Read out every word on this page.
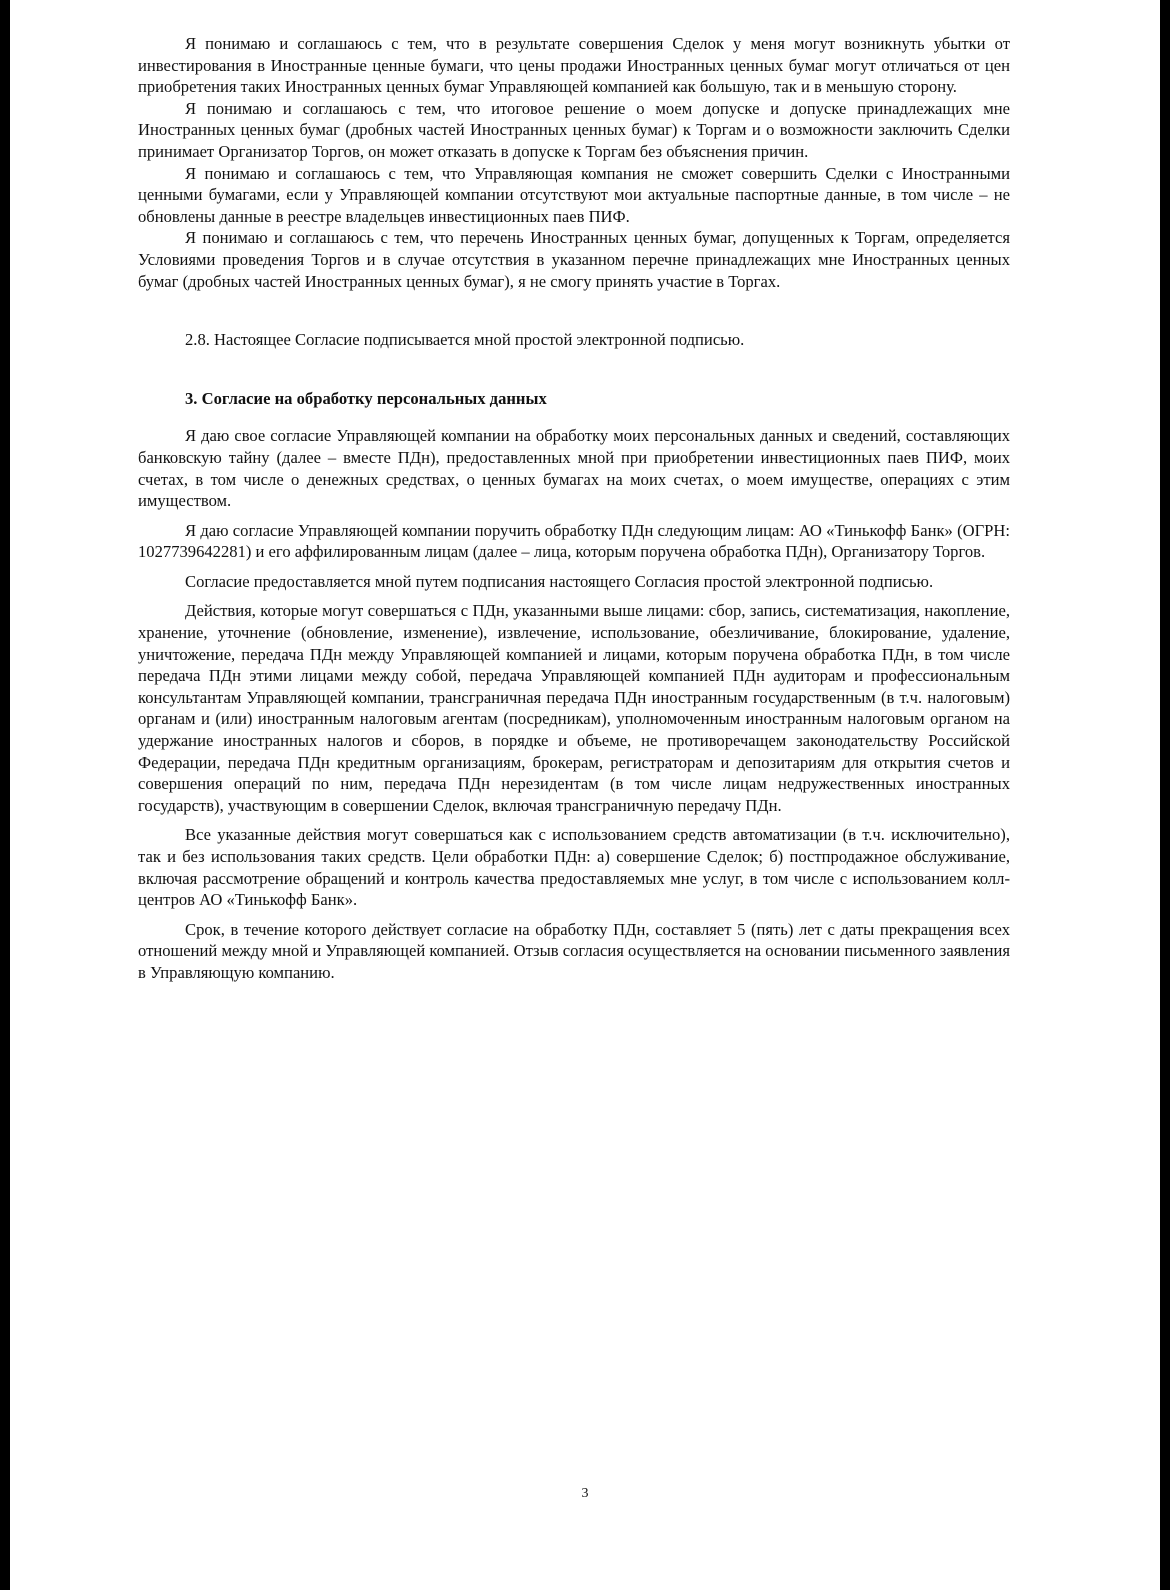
Я понимаю и соглашаюсь с тем, что в результате совершения Сделок у меня могут возникнуть убытки от инвестирования в Иностранные ценные бумаги, что цены продажи Иностранных ценных бумаг могут отличаться от цен приобретения таких Иностранных ценных бумаг Управляющей компанией как большую, так и в меньшую сторону.

Я понимаю и соглашаюсь с тем, что итоговое решение о моем допуске и допуске принадлежащих мне Иностранных ценных бумаг (дробных частей Иностранных ценных бумаг) к Торгам и о возможности заключить Сделки принимает Организатор Торгов, он может отказать в допуске к Торгам без объяснения причин.

Я понимаю и соглашаюсь с тем, что Управляющая компания не сможет совершить Сделки с Иностранными ценными бумагами, если у Управляющей компании отсутствуют мои актуальные паспортные данные, в том числе – не обновлены данные в реестре владельцев инвестиционных паев ПИФ.

Я понимаю и соглашаюсь с тем, что перечень Иностранных ценных бумаг, допущенных к Торгам, определяется Условиями проведения Торгов и в случае отсутствия в указанном перечне принадлежащих мне Иностранных ценных бумаг (дробных частей Иностранных ценных бумаг), я не смогу принять участие в Торгах.

2.8. Настоящее Согласие подписывается мной простой электронной подписью.
3. Согласие на обработку персональных данных

Я даю свое согласие Управляющей компании на обработку моих персональных данных и сведений, составляющих банковскую тайну (далее – вместе ПДн), предоставленных мной при приобретении инвестиционных паев ПИФ, моих счетах, в том числе о денежных средствах, о ценных бумагах на моих счетах, о моем имуществе, операциях с этим имуществом.

Я даю согласие Управляющей компании поручить обработку ПДн следующим лицам: АО «Тинькофф Банк» (ОГРН: 1027739642281) и его аффилированным лицам (далее – лица, которым поручена обработка ПДн), Организатору Торгов.

Согласие предоставляется мной путем подписания настоящего Согласия простой электронной подписью.

Действия, которые могут совершаться с ПДн, указанными выше лицами: сбор, запись, систематизация, накопление, хранение, уточнение (обновление, изменение), извлечение, использование, обезличивание, блокирование, удаление, уничтожение, передача ПДн между Управляющей компанией и лицами, которым поручена обработка ПДн, в том числе передача ПДн этими лицами между собой, передача Управляющей компанией ПДн аудиторам и профессиональным консультантам Управляющей компании, трансграничная передача ПДн иностранным государственным (в т.ч. налоговым) органам и (или) иностранным налоговым агентам (посредникам), уполномоченным иностранным налоговым органом на удержание иностранных налогов и сборов, в порядке и объеме, не противоречащем законодательству Российской Федерации, передача ПДн кредитным организациям, брокерам, регистраторам и депозитариям для открытия счетов и совершения операций по ним, передача ПДн нерезидентам (в том числе лицам недружественных иностранных государств), участвующим в совершении Сделок, включая трансграничную передачу ПДн.

Все указанные действия могут совершаться как с использованием средств автоматизации (в т.ч. исключительно), так и без использования таких средств. Цели обработки ПДн: а) совершение Сделок; б) постпродажное обслуживание, включая рассмотрение обращений и контроль качества предоставляемых мне услуг, в том числе с использованием колл-центров АО «Тинькофф Банк».

Срок, в течение которого действует согласие на обработку ПДн, составляет 5 (пять) лет с даты прекращения всех отношений между мной и Управляющей компанией. Отзыв согласия осуществляется на основании письменного заявления в Управляющую компанию.

3
